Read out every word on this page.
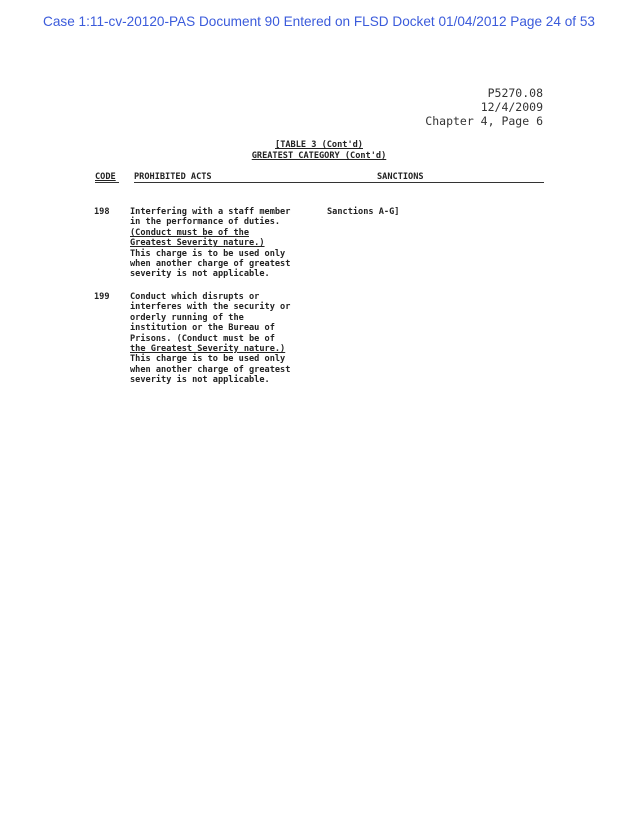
Case 1:11-cv-20120-PAS Document 90 Entered on FLSD Docket 01/04/2012 Page 24 of 53
P5270.08
12/4/2009
Chapter 4, Page 6
[TABLE 3 (Cont'd)
GREATEST CATEGORY (Cont'd)
CODE PROHIBITED ACTS	SANCTIONS
198 Interfering with a staff member
in the performance of duties.
(Conduct must be of the
Greatest Severity nature.)
This charge is to be used only
when another charge of greatest
severity is not applicable.
Sanctions A-G]
199 Conduct which disrupts or
interferes with the security or
orderly running of the
institution or the Bureau of
Prisons. (Conduct must be of
the Greatest Severity nature.)
This charge is to be used only
when another charge of greatest
severity is not applicable.
